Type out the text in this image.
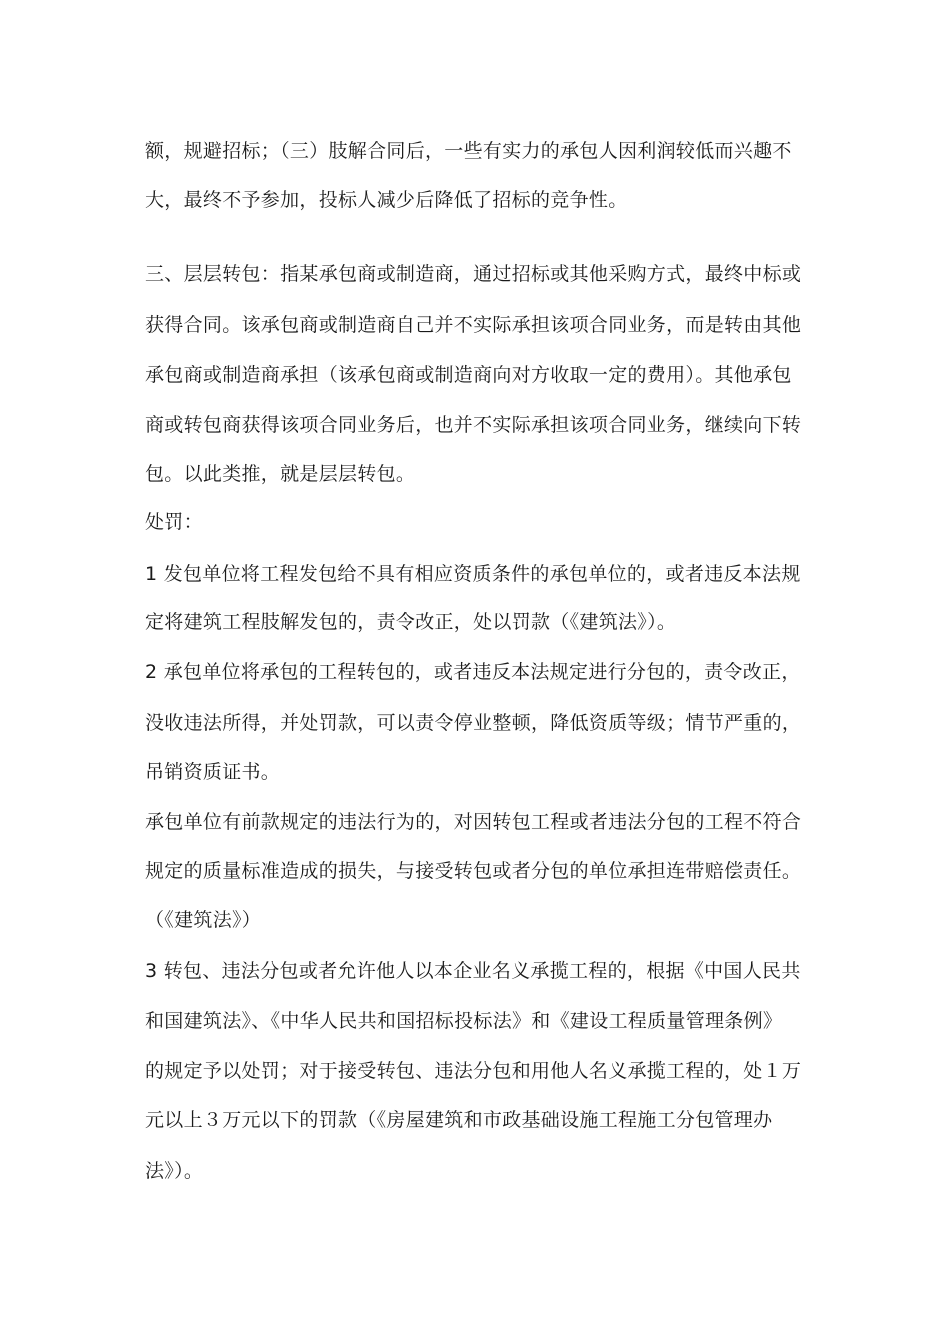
额，规避招标；（三）肢解合同后，一些有实力的承包人因利润较低而兴趣不
大，最终不予参加，投标人减少后降低了招标的竞争性。
三、层层转包：指某承包商或制造商，通过招标或其他采购方式，最终中标或
获得合同。该承包商或制造商自己并不实际承担该项合同业务，而是转由其他
承包商或制造商承担（该承包商或制造商向对方收取一定的费用）。其他承包
商或转包商获得该项合同业务后，也并不实际承担该项合同业务，继续向下转
包。以此类推，就是层层转包。
处罚：
1 发包单位将工程发包给不具有相应资质条件的承包单位的，或者违反本法规
定将建筑工程肢解发包的，责令改正，处以罚款（《建筑法》）。
2 承包单位将承包的工程转包的，或者违反本法规定进行分包的，责令改正，
没收违法所得，并处罚款，可以责令停业整顿，降低资质等级；情节严重的，
吊销资质证书。
承包单位有前款规定的违法行为的，对因转包工程或者违法分包的工程不符合
规定的质量标准造成的损失，与接受转包或者分包的单位承担连带赔偿责任。
（《建筑法》）
3 转包、违法分包或者允许他人以本企业名义承揽工程的，根据《中国人民共
和国建筑法》、《中华人民共和国招标投标法》和《建设工程质量管理条例》
的规定予以处罚；对于接受转包、违法分包和用他人名义承揽工程的，处１万
元以上３万元以下的罚款（《房屋建筑和市政基础设施工程施工分包管理办
法》）。
